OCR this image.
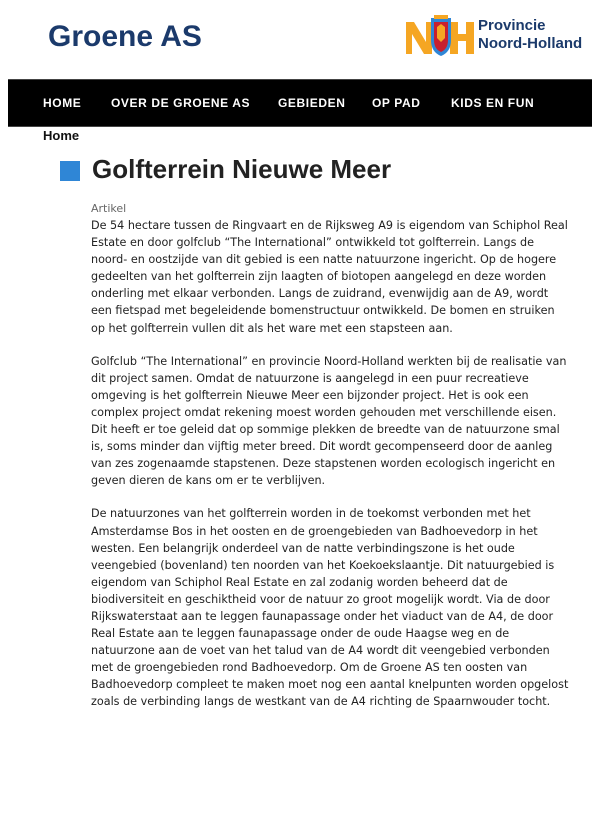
Groene AS	Provincie
Noord-Holland
HOME OVER DE GROENE AS GEBIEDEN OP PAD	KIDS EN FUN
Home
Golfterrein Nieuwe Meer

Artikel

De 54 hectare tussen de Ringvaart en de Rijksweg A9 is eigendom van Schiphol Real Estate en door golfclub “The International” ontwikkeld tot golfterrein. Langs de noord- en oostzijde van dit gebied is een natte natuurzone ingericht. Op de hogere gedeelten van het golfterrein zijn laagten of biotopen aangelegd en deze worden onderling met elkaar verbonden. Langs de zuidrand, evenwijdig aan de A9, wordt een fietspad met begeleidende bomenstructuur ontwikkeld. De bomen en struiken op het golfterrein vullen dit als het ware met een stapsteen aan.

Golfclub “The International” en provincie Noord-Holland werkten bij de realisatie van dit project samen. Omdat de natuurzone is aangelegd in een puur recreatieve omgeving is het golfterrein Nieuwe Meer een bijzonder project. Het is ook een complex project omdat rekening moest worden gehouden met verschillende eisen. Dit heeft er toe geleid dat op sommige plekken de breedte van de natuurzone smal is, soms minder dan vijftig meter breed. Dit wordt gecompenseerd door de aanleg van zes zogenaamde stapstenen. Deze stapstenen worden ecologisch ingericht en geven dieren de kans om er te verblijven.

De natuurzones van het golfterrein worden in de toekomst verbonden met het Amsterdamse Bos in het oosten en de groengebieden van Badhoevedorp in het westen. Een belangrijk onderdeel van de natte verbindingszone is het oude veengebied (bovenland) ten noorden van het Koekoekslaantje. Dit natuurgebied is eigendom van Schiphol Real Estate en zal zodanig worden beheerd dat de biodiversiteit en geschiktheid voor de natuur zo groot mogelijk wordt. Via de door Rijkswaterstaat aan te leggen faunapassage onder het viaduct van de A4, de door Real Estate aan te leggen faunapassage onder de oude Haagse weg en de natuurzone aan de voet van het talud van de A4 wordt dit veengebied verbonden met de groengebieden rond Badhoevedorp. Om de Groene AS ten oosten van Badhoevedorp compleet te maken moet nog een aantal knelpunten worden opgelost zoals de verbinding langs de westkant van de A4 richting de Spaarnwouder tocht.
